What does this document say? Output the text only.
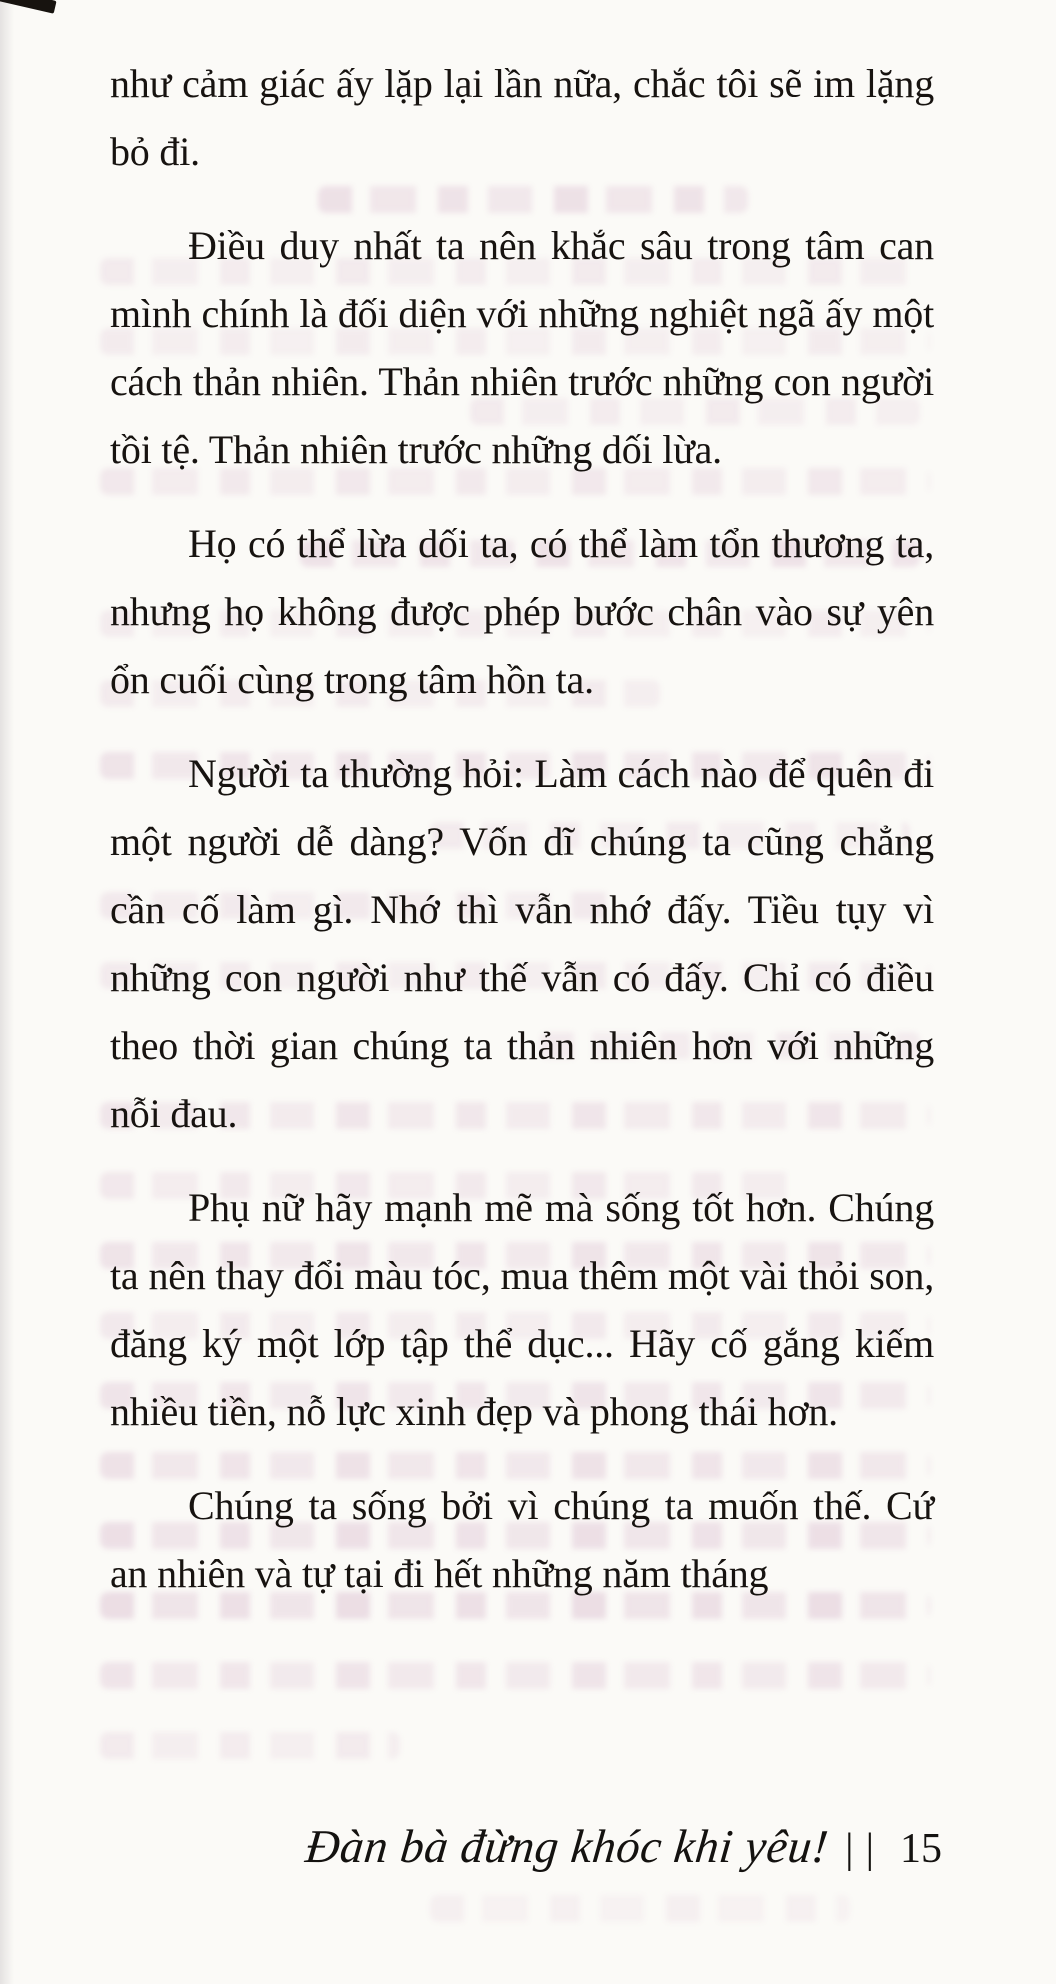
như cảm giác ấy lặp lại lần nữa, chắc tôi sẽ im lặng bỏ đi.

Điều duy nhất ta nên khắc sâu trong tâm can mình chính là đối diện với những nghiệt ngã ấy một cách thản nhiên. Thản nhiên trước những con người tồi tệ. Thản nhiên trước những dối lừa.

Họ có thể lừa dối ta, có thể làm tổn thương ta, nhưng họ không được phép bước chân vào sự yên ổn cuối cùng trong tâm hồn ta.

Người ta thường hỏi: Làm cách nào để quên đi một người dễ dàng? Vốn dĩ chúng ta cũng chẳng cần cố làm gì. Nhớ thì vẫn nhớ đấy. Tiều tụy vì những con người như thế vẫn có đấy. Chỉ có điều theo thời gian chúng ta thản nhiên hơn với những nỗi đau.

Phụ nữ hãy mạnh mẽ mà sống tốt hơn. Chúng ta nên thay đổi màu tóc, mua thêm một vài thỏi son, đăng ký một lớp tập thể dục... Hãy cố gắng kiếm nhiều tiền, nỗ lực xinh đẹp và phong thái hơn.

Chúng ta sống bởi vì chúng ta muốn thế. Cứ an nhiên và tự tại đi hết những năm tháng

Đàn bà đừng khóc khi yêu! || 15
